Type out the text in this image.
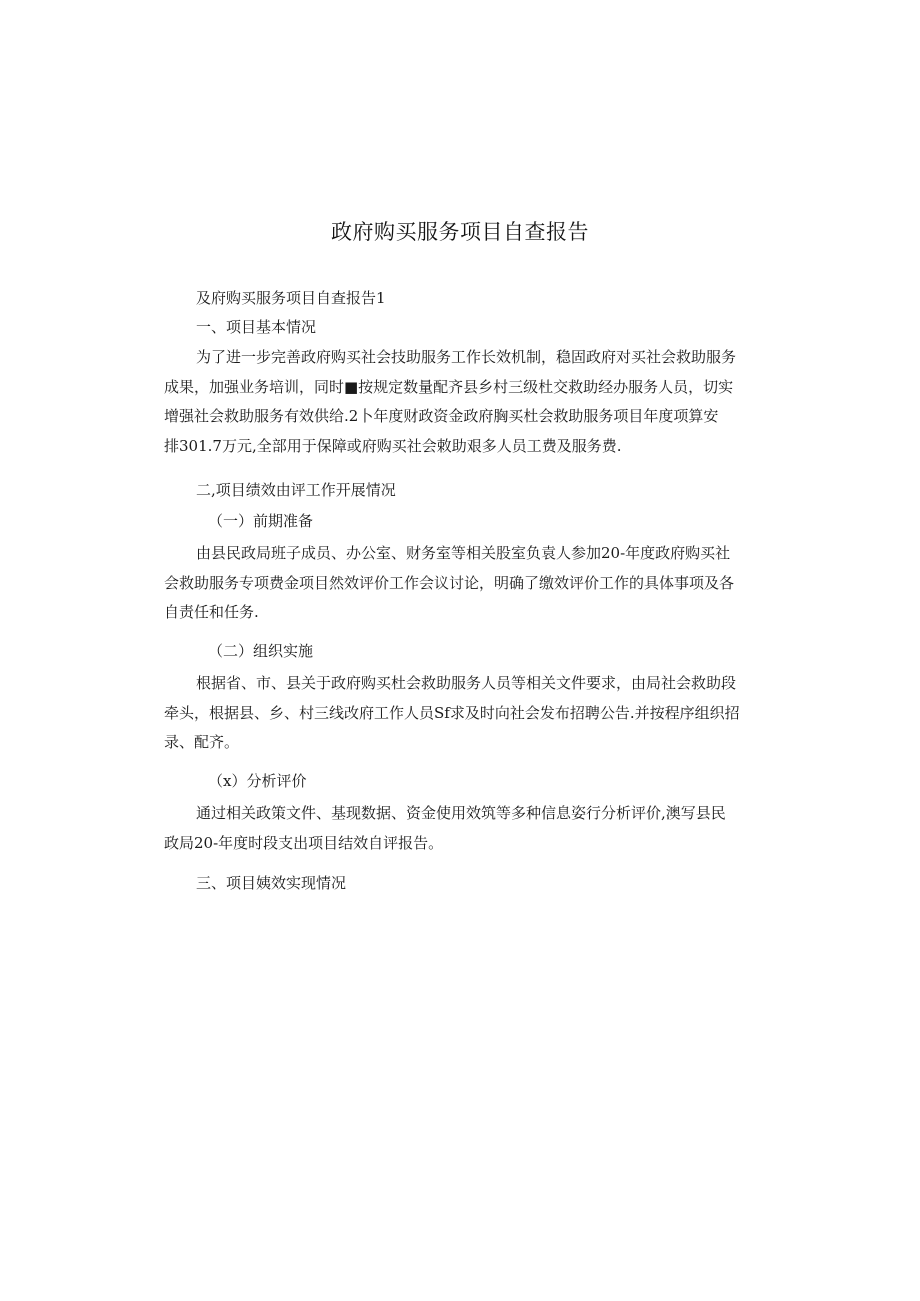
政府购买服务项目自查报告

及府购买服务项目自查报告1

一、项目基本情况

为了进一步完善政府购买社会技助服务工作长效机制，稳固政府对买社会救助服务
成果，加强业务培训，同时■按规定数量配齐县乡村三级杜交救助经办服务人员，切实
增强社会救助服务有效供给.2卜年度财政资金政府胸买杜会救助服务项目年度项算安
排301.7万元,全部用于保障或府购买社会敕助艰多人员工费及服务费.

二,项目绩效由评工作开展情况

（一）前期准备

由县民政局班子成员、办公室、财务室等相关股室负袁人参加20-年度政府购买社
会救助服务专项费金项目然效评价工作会议讨论，明确了缴效评价工作的具体事项及各
自责任和任务.

（二）组织实施

根据省、市、县关于政府购买杜会救助服务人员等相关文件要求，由局社会救助段
牵头，根据县、乡、村三线改府工作人员Sf求及时向社会发布招聘公告.并按程序组织招
录、配齐。

（x）分析评价

通过相关政策文件、基现数据、资金使用效筑等多种信息姿行分析评价,澳写县民
政局20-年度时段支出项目结效自评报告。

三、项目姨效实现情况
